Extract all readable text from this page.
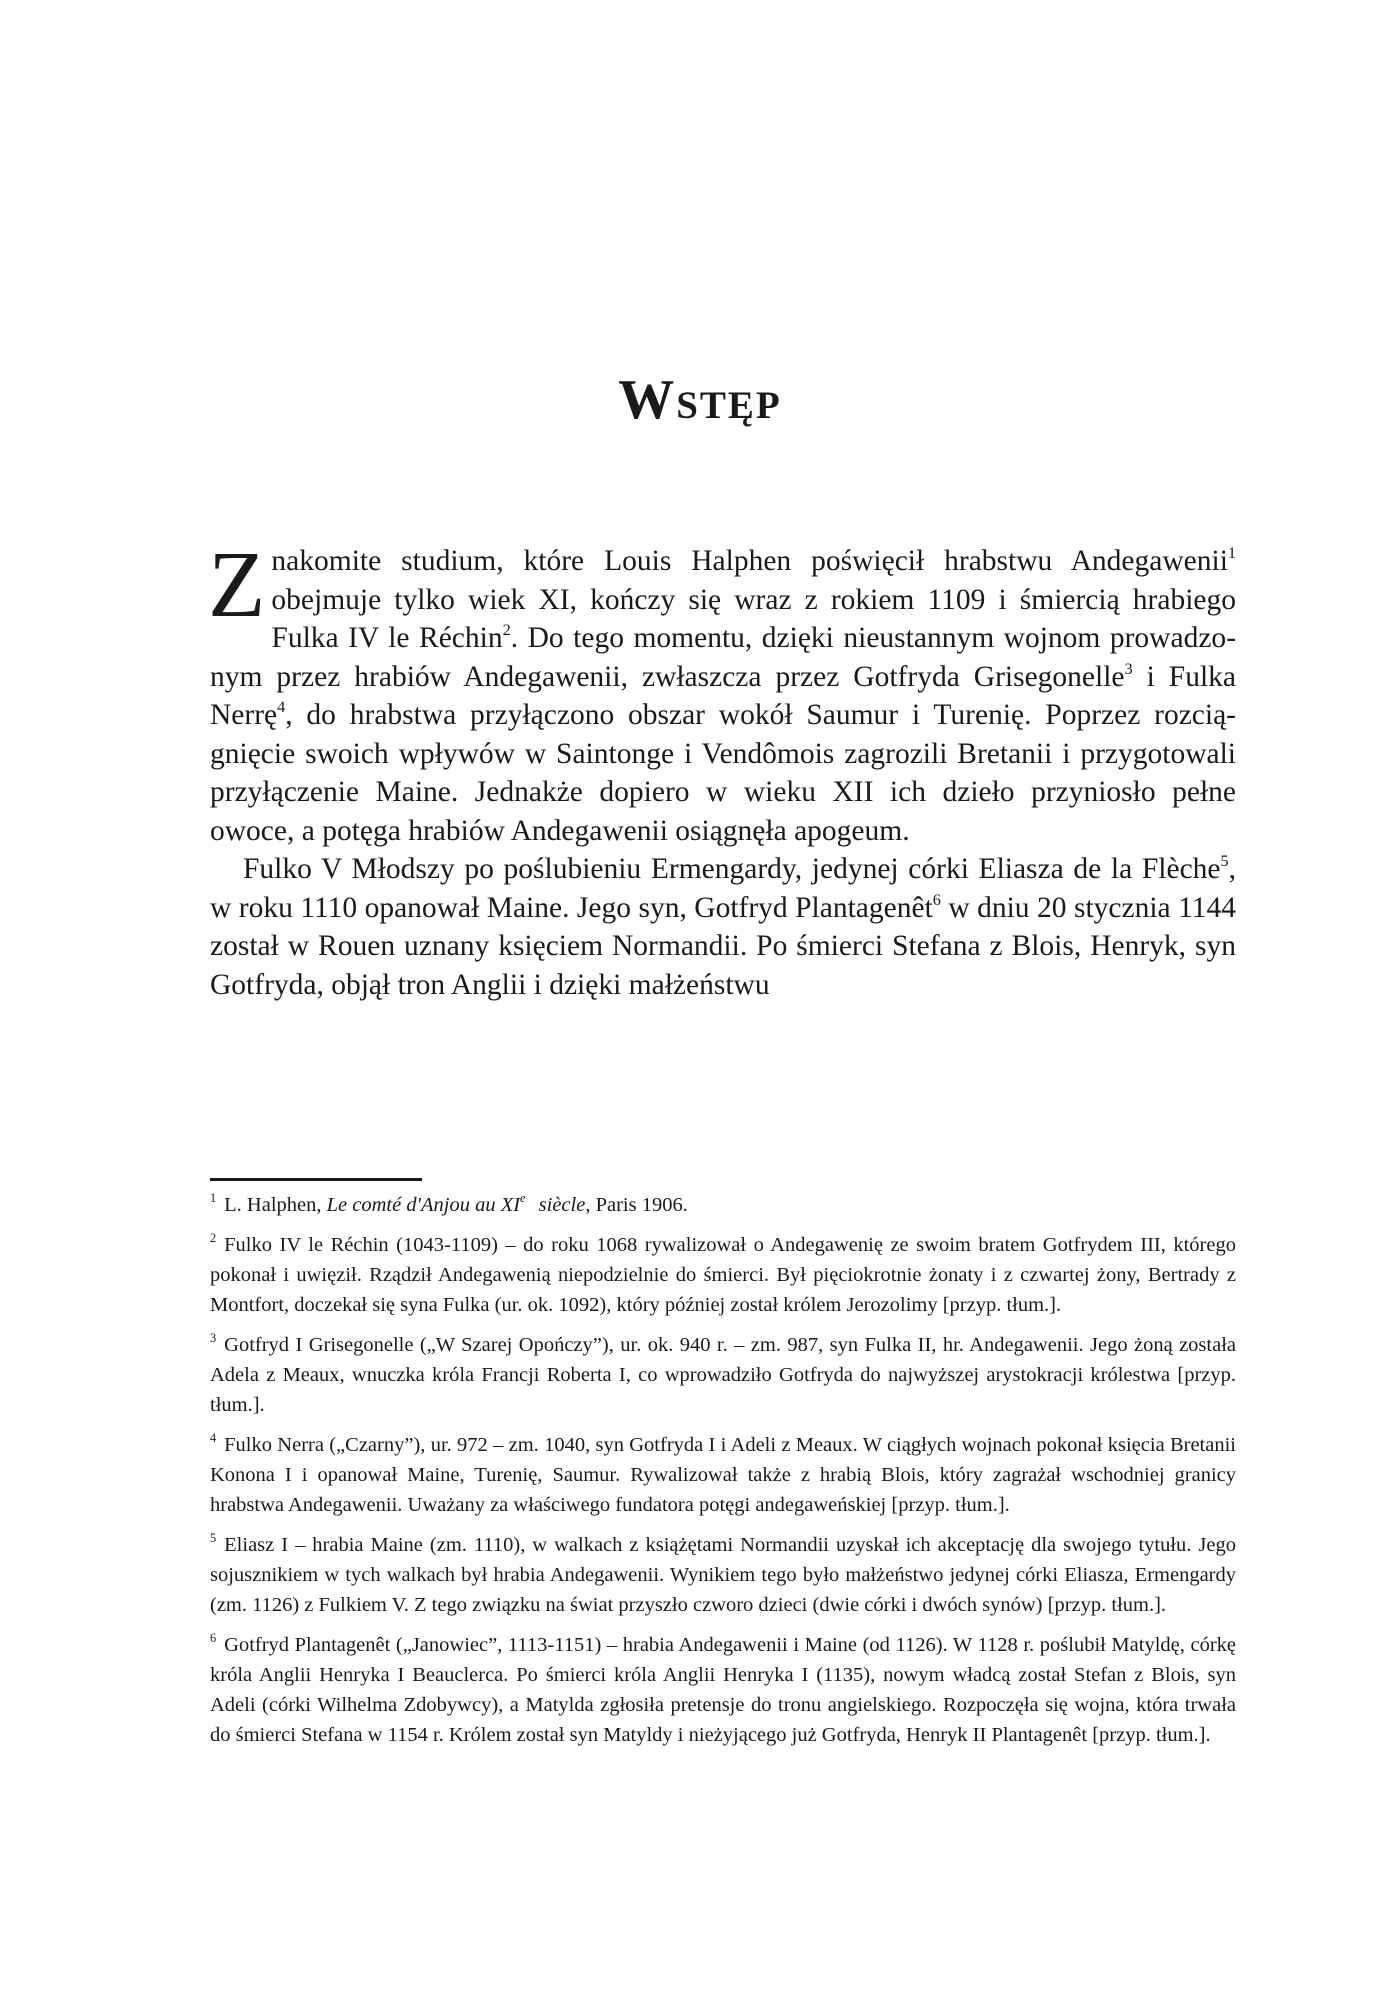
Wstęp

Znakomite studium, które Louis Halphen poświęcił hrabstwu Andegawenii$^1$ obejmuje tylko wiek XI, kończy się wraz z rokiem 1109 i śmiercią hrabiego Fulka IV le Réchin$^2$. Do tego momentu, dzięki nieustannym wojnom prowadzonym przez hrabiów Andegawenii, zwłaszcza przez Gotfryda Grisegonelle$^3$ i Fulka Nerrę$^4$, do hrabstwa przyłączono obszar wokół Saumur i Turenię. Poprzez rozciągnięcie swoich wpływów w Saintonge i Vendômois zagrozili Bretanii i przygotowali przyłączenie Maine. Jednakże dopiero w wieku XII ich dzieło przyniosło pełne owoce, a potęga hrabiów Andegawenii osiągnęła apogeum.

Fulko V Młodszy po poślubieniu Ermengardy, jedynej córki Eliasza de la Flèche$^5$, w roku 1110 opanował Maine. Jego syn, Gotfryd Plantagenêt$^6$ w dniu 20 stycznia 1144 został w Rouen uznany księciem Normandii. Po śmierci Stefana z Blois, Henryk, syn Gotfryda, objął tron Anglii i dzięki małżeństwu

$^1$ L. Halphen, Le comté d'Anjou au XIe siècle, Paris 1906.

$^2$ Fulko IV le Réchin (1043-1109) – do roku 1068 rywalizował o Andegawenię ze swoim bratem Gotfrydem III, którego pokonał i uwięził. Rządził Andegawenią niepodzielnie do śmierci. Był pięciokrotnie żonaty i z czwartej żony, Bertrady z Montfort, doczekał się syna Fulka (ur. ok. 1092), który później został królem Jerozolimy [przyp. tłum.].

$^3$ Gotfryd I Grisegonelle („W Szarej Opończy”), ur. ok. 940 r. – zm. 987, syn Fulka II, hr. Andegawenii. Jego żoną została Adela z Meaux, wnuczka króla Francji Roberta I, co wprowadziło Gotfryda do najwyższej arystokracji królestwa [przyp. tłum.].

$^4$ Fulko Nerra („Czarny”), ur. 972 – zm. 1040, syn Gotfryda I i Adeli z Meaux. W ciągłych wojnach pokonał księcia Bretanii Konona I i opanował Maine, Turenię, Saumur. Rywalizował także z hrabią Blois, który zagrażał wschodniej granicy hrabstwa Andegawenii. Uważany za właściwego fundatora potęgi andegaweńskiej [przyp. tłum.].

$^5$ Eliasz I – hrabia Maine (zm. 1110), w walkach z książętami Normandii uzyskał ich akceptację dla swojego tytułu. Jego sojusznikiem w tych walkach był hrabia Andegawenii. Wynikiem tego było małżeństwo jedynej córki Eliasza, Ermengardy (zm. 1126) z Fulkiem V. Z tego związku na świat przyszło czworo dzieci (dwie córki i dwóch synów) [przyp. tłum.].

$^6$ Gotfryd Plantagenêt („Janowiec”, 1113-1151) – hrabia Andegawenii i Maine (od 1126). W 1128 r. poślubił Matyldę, córkę króla Anglii Henryka I Beauclerca. Po śmierci króla Anglii Henryka I (1135), nowym władcą został Stefan z Blois, syn Adeli (córki Wilhelma Zdobywcy), a Matylda zgłosiła pretensje do tronu angielskiego. Rozpoczęła się wojna, która trwała do śmierci Stefana w 1154 r. Królem został syn Matyldy i nieżyjącego już Gotfryda, Henryk II Plantagenêt [przyp. tłum.].
